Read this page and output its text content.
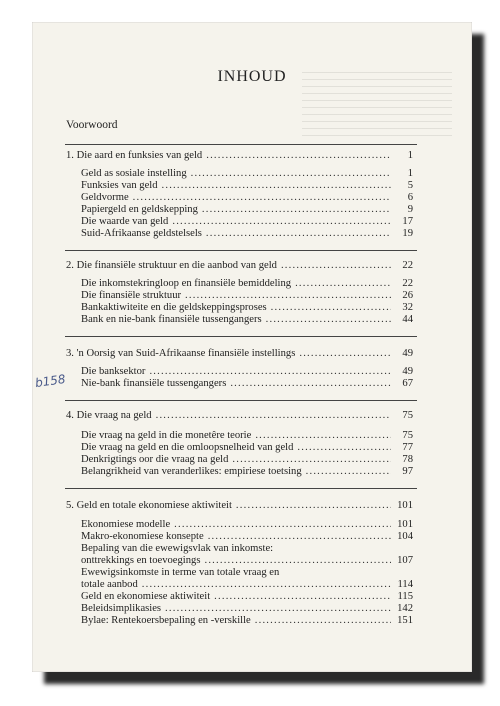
INHOUD
Voorwoord
b158
1. Die aard en funksies van geld .....	1
Geld as sosiale instelling .....	1
Funksies van geld .....	5
Geldvorme .....	6
Papiergeld en geldskepping .....	9
Die waarde van geld .....	17
Suid-Afrikaanse geldstelsels .....	19
2. Die finansiële struktuur en die aanbod van geld .....	22
Die inkomstekringloop en finansiële bemiddeling .....	22
Die finansiële struktuur .....	26
Bankaktiwiteite en die geldskeppingsproses .....	32
Bank en nie-bank finansiële tussengangers .....	44
3. 'n Oorsig van Suid-Afrikaanse finansiële instellings .....	49
Die banksektor .....	49
Nie-bank finansiële tussengangers .....	67
4. Die vraag na geld .....	75
Die vraag na geld in die monetêre teorie .....	75
Die vraag na geld en die omloopsnelheid van geld .....	77
Denkrigtings oor die vraag na geld .....	78
Belangrikheid van veranderlikes: empiriese toetsing .....	97
5. Geld en totale ekonomiese aktiwiteit .....	101
Ekonomiese modelle .....	101
Makro-ekonomiese konsepte .....	104
Bepaling van die ewewigsvlak van inkomste:
onttrekkings en toevoegings .....	107
Ewewigsinkomste in terme van totale vraag en
totale aanbod .....	114
Geld en ekonomiese aktiwiteit .....	115
Beleidsimplikasies .....	142
Bylae: Rentekoersbepaling en -verskille .....	151
